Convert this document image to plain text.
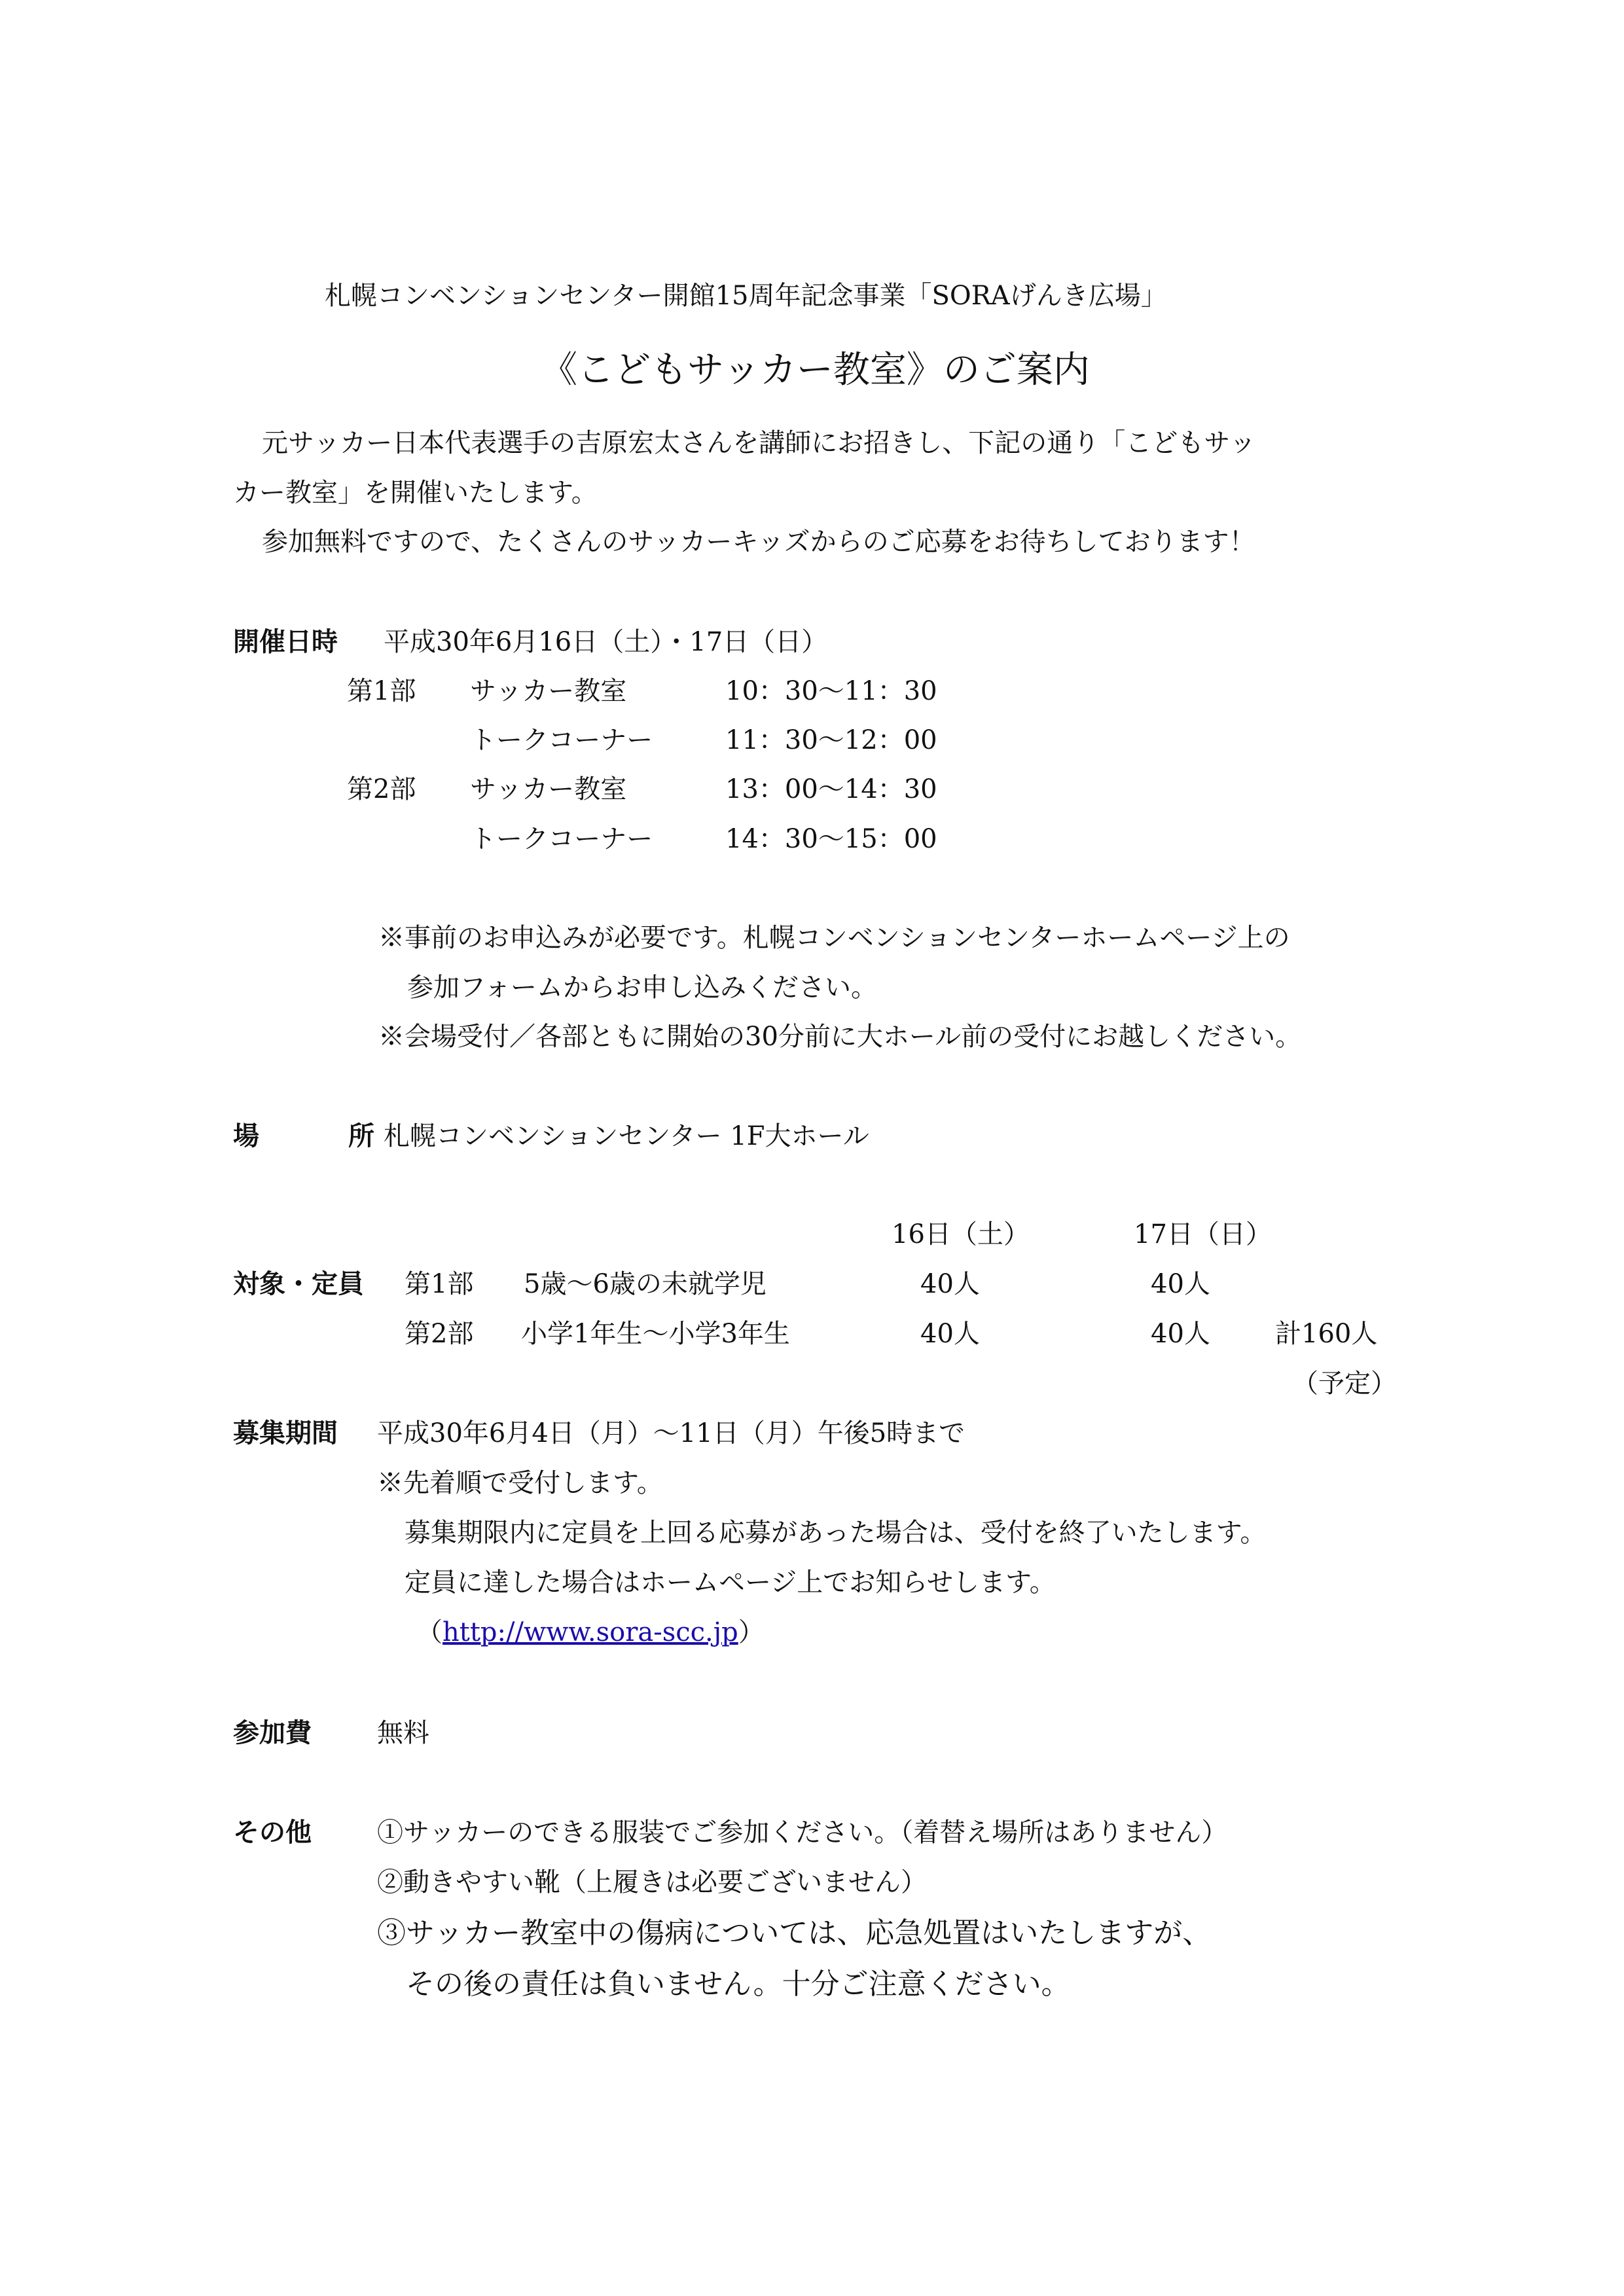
札幌コンベンションセンター開館15周年記念事業「SORAげんき広場」
《こどもサッカー教室》のご案内
元サッカー日本代表選手の吉原宏太さんを講師にお招きし、下記の通り「こどもサッ
カー教室」を開催いたします。
参加無料ですので、たくさんのサッカーキッズからのご応募をお待ちしております！
開催日時 平成30年6月16日（土）・17日（日）
第1部 サッカー教室	10：30〜11：30
トークコーナー	11：30〜12：00
第2部 サッカー教室	13：00〜14：30
トークコーナー	14：30〜15：00
※事前のお申込みが必要です。札幌コンベンションセンターホームページ上の
参加フォームからお申し込みください。
※会場受付／各部ともに開始の30分前に大ホール前の受付にお越しください。
場	所 札幌コンベンションセンター 1F大ホール
16日（土）	17日（日）
対象・定員 第1部 5歳〜6歳の未就学児	40人	40人
第2部 小学1年生〜小学3年生	40人	40人 計160人
（予定）
募集期間 平成30年6月4日（月）〜11日（月）午後5時まで
※先着順で受付します。
募集期限内に定員を上回る応募があった場合は、受付を終了いたします。
定員に達した場合はホームページ上でお知らせします。
（http://www.sora-scc.jp）
参加費	無料
その他	①サッカーのできる服装でご参加ください。（着替え場所はありません）
②動きやすい靴（上履きは必要ございません）
③サッカー教室中の傷病については、応急処置はいたしますが、
その後の責任は負いません。十分ご注意ください。
